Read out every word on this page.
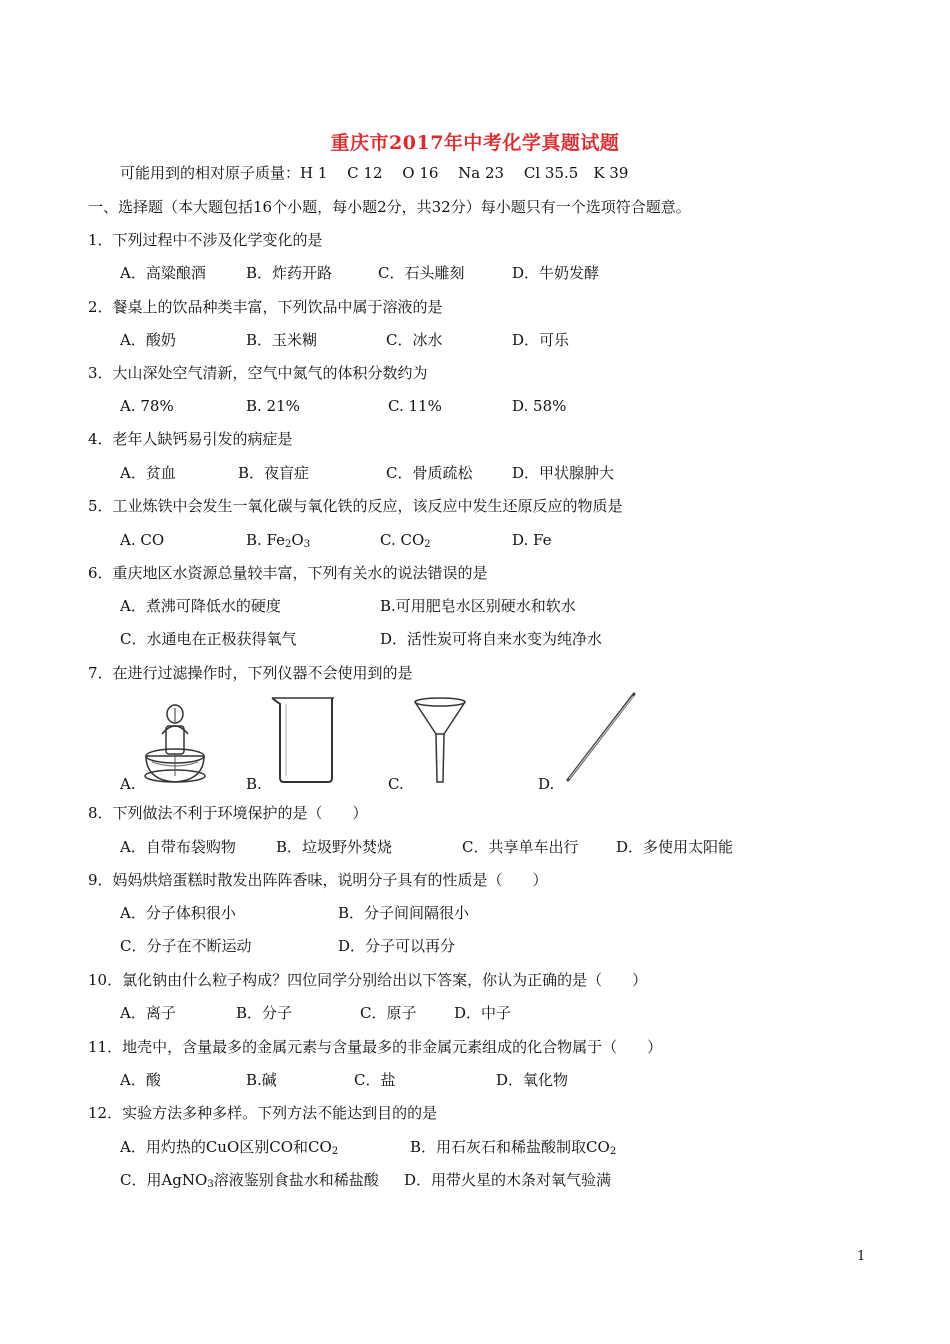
重庆市2017年中考化学真题试题
可能用到的相对原子质量：H 1　 C 12　 O 16　 Na 23　 Cl 35.5　K 39
一、选择题（本大题包括16个小题，每小题2分，共32分）每小题只有一个选项符合题意。
1．下列过程中不涉及化学变化的是
A．高粱酿酒	B．炸药开路	C．石头雕刻	D．牛奶发酵
2．餐桌上的饮品种类丰富，下列饮品中属于溶液的是
A．酸奶	B．玉米糊	C．冰水	D．可乐
3．大山深处空气清新，空气中氮气的体积分数约为
A. 78%	B. 21%	C. 11%	D. 58%
4．老年人缺钙易引发的病症是
A．贫血	B．夜盲症	C．骨质疏松	D．甲状腺肿大
5．工业炼铁中会发生一氧化碳与氧化铁的反应，该反应中发生还原反应的物质是
A. CO	B. $Fe_2O_3$	C. $CO_2$	D. Fe
6．重庆地区水资源总量较丰富，下列有关水的说法错误的是
A．煮沸可降低水的硬度	B.可用肥皂水区别硬水和软水
C．水通电在正极获得氧气	D．活性炭可将自来水变为纯净水
7．在进行过滤操作时，下列仪器不会使用到的是
A.	B.	C.	D.
8．下列做法不利于环境保护的是（　　）
A．自带布袋购物	B．垃圾野外焚烧	C．共享单车出行	D．多使用太阳能
9．妈妈烘焙蛋糕时散发出阵阵香味，说明分子具有的性质是（　　）
A．分子体积很小	B．分子间间隔很小
C．分子在不断运动	D．分子可以再分
10．氯化钠由什么粒子构成？四位同学分别给出以下答案，你认为正确的是（　　）
A．离子	B．分子	C．原子	D．中子
11．地壳中，含量最多的金属元素与含量最多的非金属元素组成的化合物属于（　　）
A．酸	B.碱	C．盐	D．氧化物
12．实验方法多种多样。下列方法不能达到目的的是
A．用灼热的CuO区别CO和$CO_2$	B．用石灰石和稀盐酸制取$CO_2$
C．用AgNO$_3$溶液鉴别食盐水和稀盐酸 D．用带火星的木条对氧气验满
1
